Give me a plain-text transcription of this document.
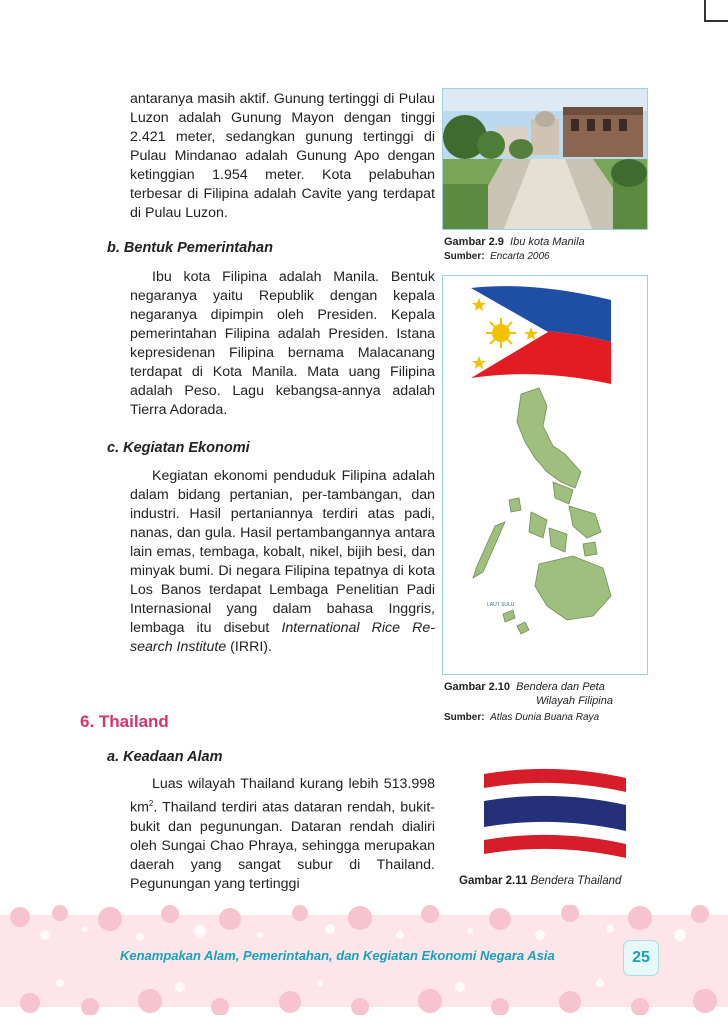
antaranya masih aktif. Gunung tertinggi di Pulau Luzon adalah Gunung Mayon dengan tinggi 2.421 meter, sedangkan gunung tertinggi di Pulau Mindanao adalah Gunung Apo dengan ketinggian 1.954 meter. Kota pelabuhan terbesar di Filipina adalah Cavite yang terdapat di Pulau Luzon.

b. Bentuk Pemerintahan

Ibu kota Filipina adalah Manila. Bentuk negaranya yaitu Republik dengan kepala negaranya dipimpin oleh Presiden. Kepala pemerintahan Filipina adalah Presiden. Istana kepresidenan Filipina bernama Malacanang terdapat di Kota Manila. Mata uang Filipina adalah Peso. Lagu kebangsa-annya adalah Tierra Adorada.

c. Kegiatan Ekonomi

Kegiatan ekonomi penduduk Filipina adalah dalam bidang pertanian, per-tambangan, dan industri. Hasil pertaniannya terdiri atas padi, nanas, dan gula. Hasil pertambangannya antara lain emas, tembaga, kobalt, nikel, bijih besi, dan minyak bumi. Di negara Filipina tepatnya di kota Los Banos terdapat Lembaga Penelitian Padi Internasional yang dalam bahasa Inggris, lembaga itu disebut International Rice Re-search Institute (IRRI).

6. Thailand
a. Keadaan Alam

Luas wilayah Thailand kurang lebih 513.998 $km^2$. Thailand terdiri atas dataran rendah, bukit-bukit dan pegunungan. Dataran rendah dialiri oleh Sungai Chao Phraya, sehingga merupakan daerah yang sangat subur di Thailand. Pegunungan yang tertinggi

Gambar 2.9 Ibu kota Manila
Sumber: Encarta 2006
LAUT SULU
Gambar 2.10 Bendera dan Peta
Wilayah Filipina
Sumber: Atlas Dunia Buana Raya
Gambar 2.11 Bendera Thailand
Kenampakan Alam, Pemerintahan, dan Kegiatan Ekonomi Negara Asia	25
